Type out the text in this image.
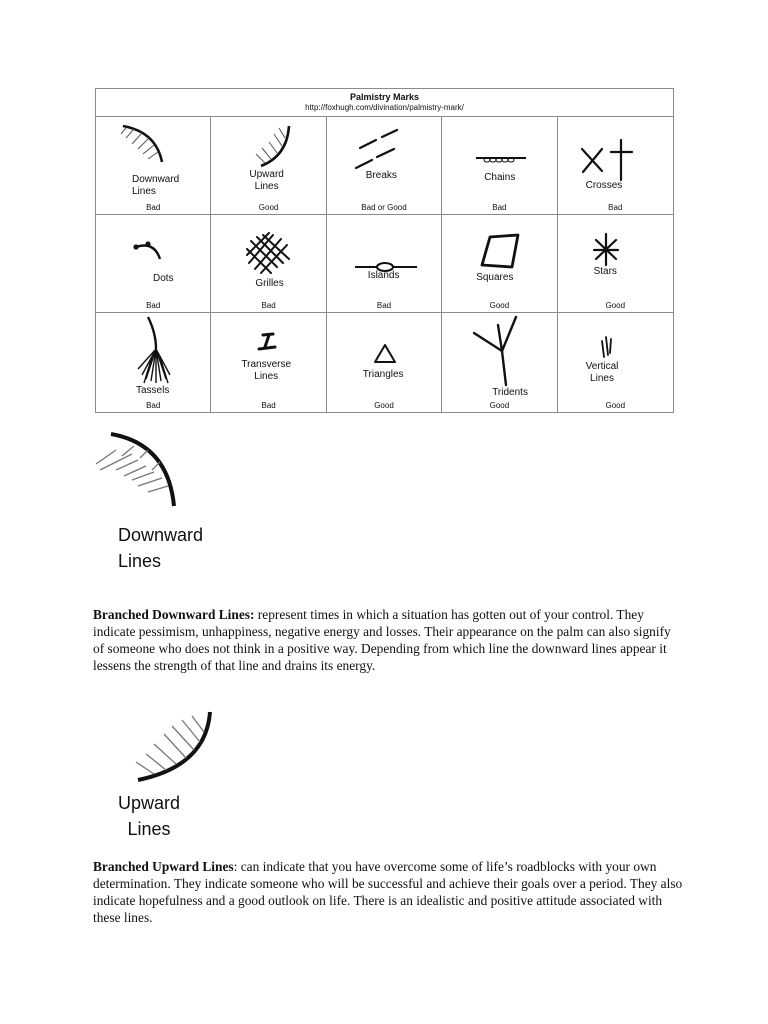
Palmistry Marks
http://foxhugh.com/divination/palmistry-mark/
Downward
Lines
Bad
Upward
Lines
Good
Breaks
Bad or Good
Chains
Bad
Crosses
Bad
Dots
Bad
Grilles
Bad
Islands
Bad
Squares
Good
Stars
Good
Tassels
Bad
Transverse
Lines
Bad
Triangles
Good
Tridents
Good
Vertical
Lines
Good
Downward
Lines

Branched Downward Lines: represent times in which a situation has gotten out of your control. They indicate pessimism, unhappiness, negative energy and losses. Their appearance on the palm can also signify of someone who does not think in a positive way. Depending from which line the downward lines appear it lessens the strength of that line and drains its energy.

Upward
Lines

Branched Upward Lines: can indicate that you have overcome some of life’s roadblocks with your own determination. They indicate someone who will be successful and achieve their goals over a period. They also indicate hopefulness and a good outlook on life. There is an idealistic and positive attitude associated with these lines.
